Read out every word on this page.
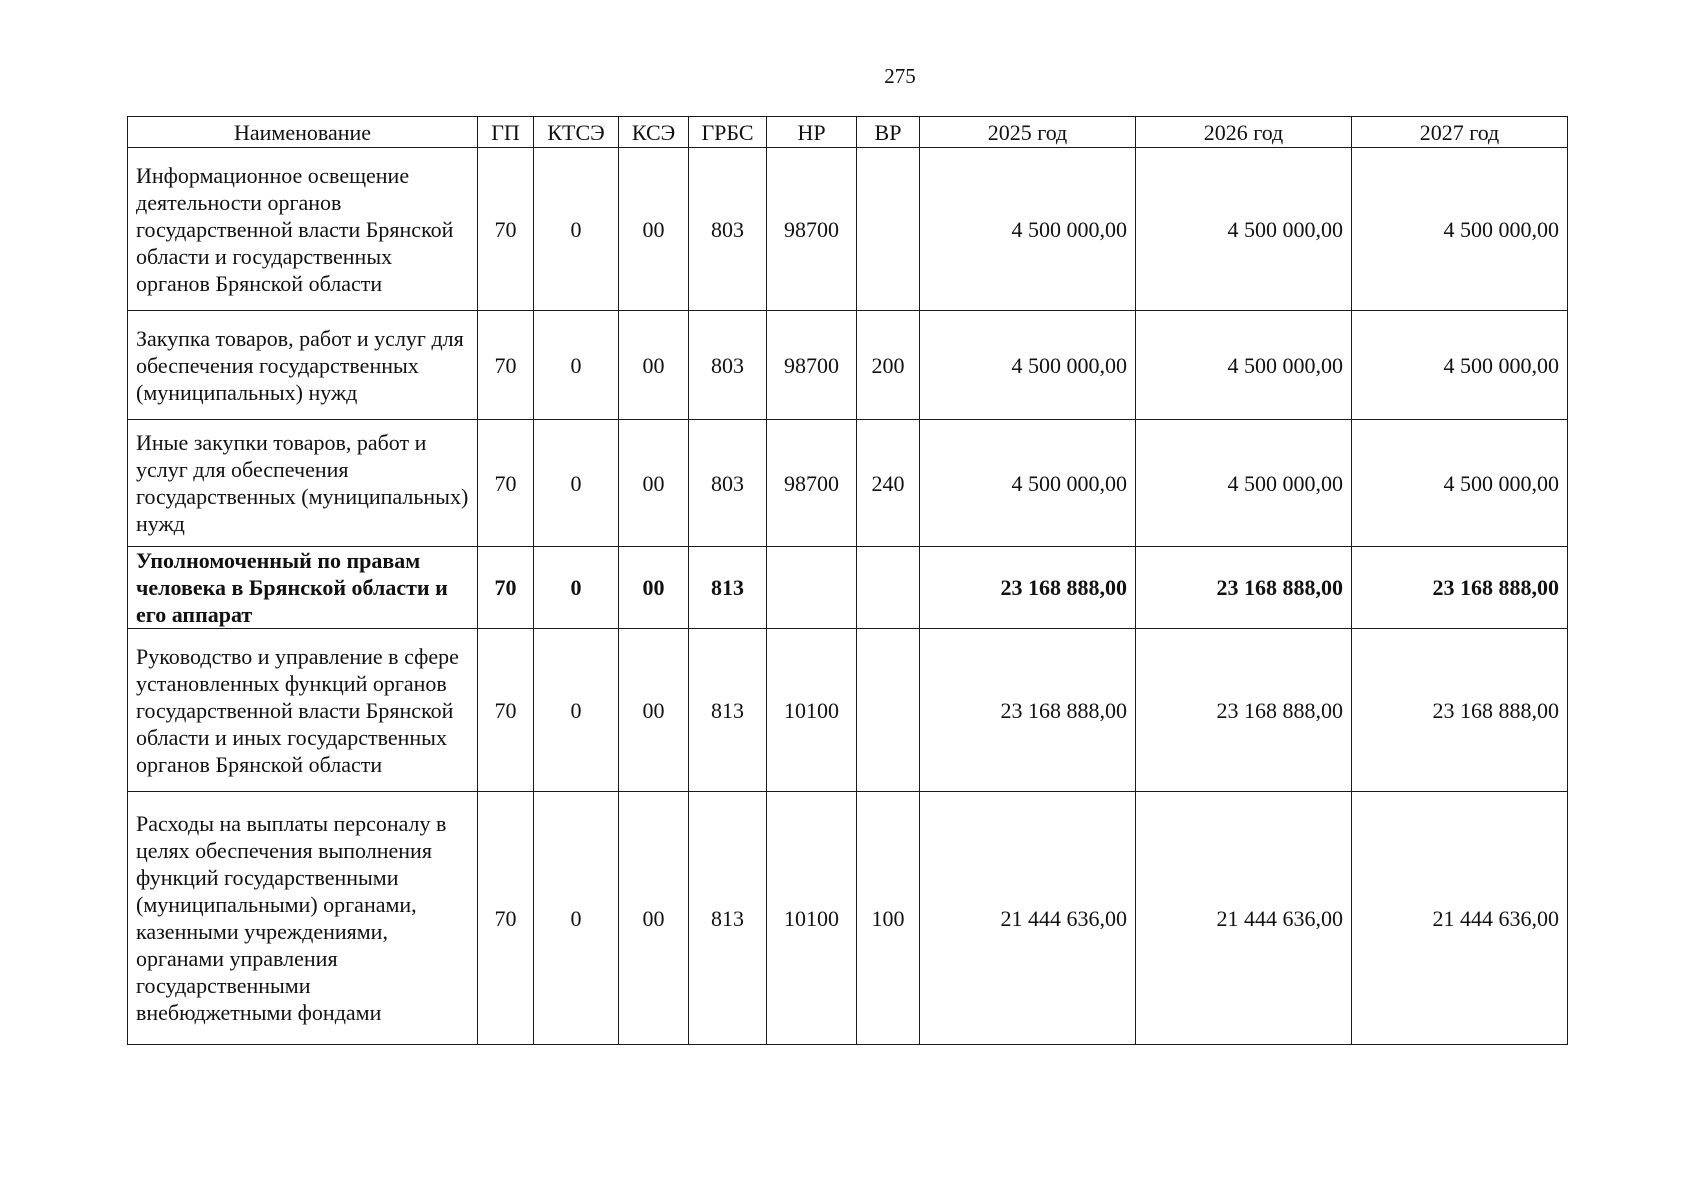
275
Наименование	ГП	КТСЭ	КСЭ	ГРБС	НР	ВР	2025 год	2026 год	2027 год
Информационное освещение деятельности органов государственной власти Брянской области и государственных органов Брянской области	70	0	00	803	98700		4 500 000,00	4 500 000,00	4 500 000,00
Закупка товаров, работ и услуг для обеспечения государственных (муниципальных) нужд	70	0	00	803	98700	200	4 500 000,00	4 500 000,00	4 500 000,00
Иные закупки товаров, работ и услуг для обеспечения государственных (муниципальных) нужд	70	0	00	803	98700	240	4 500 000,00	4 500 000,00	4 500 000,00
Уполномоченный по правам человека в Брянской области и его аппарат	70	0	00	813			23 168 888,00	23 168 888,00	23 168 888,00
Руководство и управление в сфере установленных функций органов государственной власти Брянской области и иных государственных органов Брянской области	70	0	00	813	10100		23 168 888,00	23 168 888,00	23 168 888,00
Расходы на выплаты персоналу в целях обеспечения выполнения функций государственными (муниципальными) органами, казенными учреждениями, органами управления государственными внебюджетными фондами	70	0	00	813	10100	100	21 444 636,00	21 444 636,00	21 444 636,00
